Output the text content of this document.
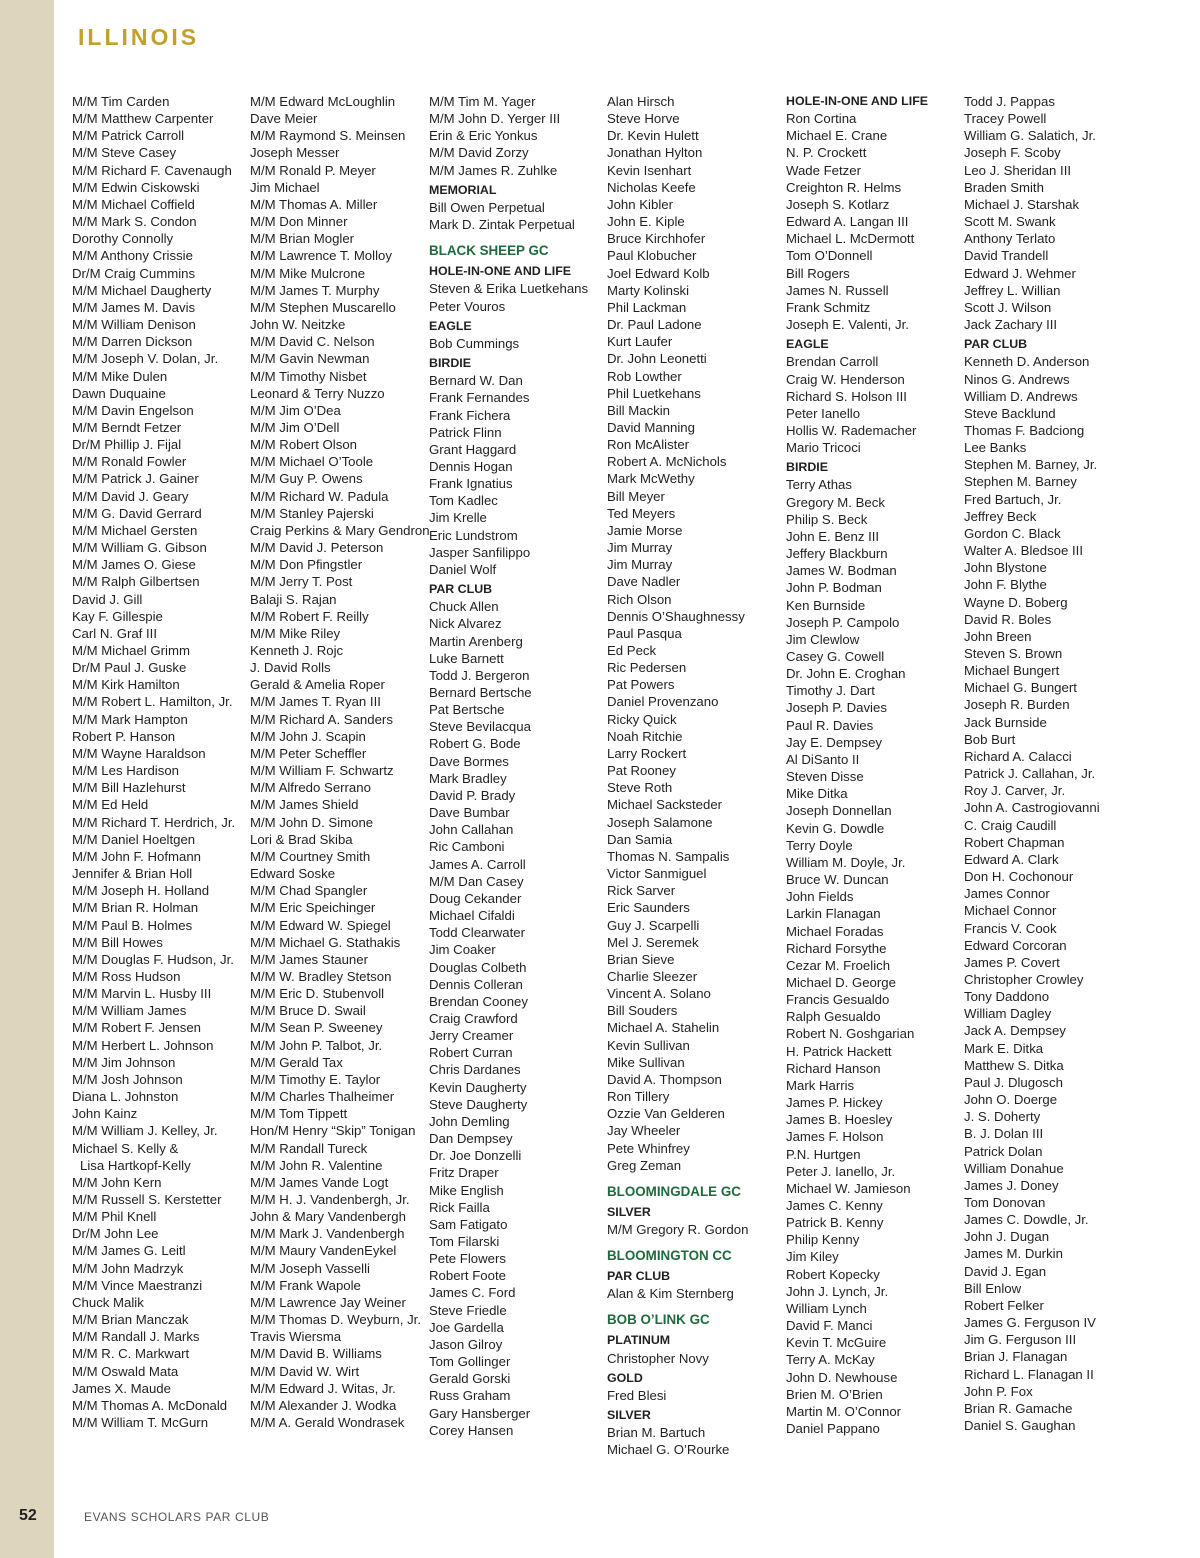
ILLINOIS
M/M Tim Carden
M/M Matthew Carpenter
M/M Patrick Carroll
M/M Steve Casey
M/M Richard F. Cavenaugh
M/M Edwin Ciskowski
M/M Michael Coffield
M/M Mark S. Condon
Dorothy Connolly
M/M Anthony Crissie
Dr/M Craig Cummins
M/M Michael Daugherty
M/M James M. Davis
M/M William Denison
M/M Darren Dickson
M/M Joseph V. Dolan, Jr.
M/M Mike Dulen
Dawn Duquaine
M/M Davin Engelson
M/M Berndt Fetzer
Dr/M Phillip J. Fijal
M/M Ronald Fowler
M/M Patrick J. Gainer
M/M David J. Geary
M/M G. David Gerrard
M/M Michael Gersten
M/M William G. Gibson
M/M James O. Giese
M/M Ralph Gilbertsen
David J. Gill
Kay F. Gillespie
Carl N. Graf III
M/M Michael Grimm
Dr/M Paul J. Guske
M/M Kirk Hamilton
M/M Robert L. Hamilton, Jr.
M/M Mark Hampton
Robert P. Hanson
M/M Wayne Haraldson
M/M Les Hardison
M/M Bill Hazlehurst
M/M Ed Held
M/M Richard T. Herdrich, Jr.
M/M Daniel Hoeltgen
M/M John F. Hofmann
Jennifer & Brian Holl
M/M Joseph H. Holland
M/M Brian R. Holman
M/M Paul B. Holmes
M/M Bill Howes
M/M Douglas F. Hudson, Jr.
M/M Ross Hudson
M/M Marvin L. Husby III
M/M William James
M/M Robert F. Jensen
M/M Herbert L. Johnson
M/M Jim Johnson
M/M Josh Johnson
Diana L. Johnston
John Kainz
M/M William J. Kelley, Jr.
Michael S. Kelly &
Lisa Hartkopf-Kelly
M/M John Kern
M/M Russell S. Kerstetter
M/M Phil Knell
Dr/M John Lee
M/M James G. Leitl
M/M John Madrzyk
M/M Vince Maestranzi
Chuck Malik
M/M Brian Manczak
M/M Randall J. Marks
M/M R. C. Markwart
M/M Oswald Mata
James X. Maude
M/M Thomas A. McDonald
M/M William T. McGurn
M/M Edward McLoughlin
Dave Meier
M/M Raymond S. Meinsen
Joseph Messer
M/M Ronald P. Meyer
Jim Michael
M/M Thomas A. Miller
M/M Don Minner
M/M Brian Mogler
M/M Lawrence T. Molloy
M/M Mike Mulcrone
M/M James T. Murphy
M/M Stephen Muscarello
John W. Neitzke
M/M David C. Nelson
M/M Gavin Newman
M/M Timothy Nisbet
Leonard & Terry Nuzzo
M/M Jim O’Dea
M/M Jim O’Dell
M/M Robert Olson
M/M Michael O’Toole
M/M Guy P. Owens
M/M Richard W. Padula
M/M Stanley Pajerski
Craig Perkins & Mary Gendron
M/M David J. Peterson
M/M Don Pfingstler
M/M Jerry T. Post
Balaji S. Rajan
M/M Robert F. Reilly
M/M Mike Riley
Kenneth J. Rojc
J. David Rolls
Gerald & Amelia Roper
M/M James T. Ryan III
M/M Richard A. Sanders
M/M John J. Scapin
M/M Peter Scheffler
M/M William F. Schwartz
M/M Alfredo Serrano
M/M James Shield
M/M John D. Simone
Lori & Brad Skiba
M/M Courtney Smith
Edward Soske
M/M Chad Spangler
M/M Eric Speichinger
M/M Edward W. Spiegel
M/M Michael G. Stathakis
M/M James Stauner
M/M W. Bradley Stetson
M/M Eric D. Stubenvoll
M/M Bruce D. Swail
M/M Sean P. Sweeney
M/M John P. Talbot, Jr.
M/M Gerald Tax
M/M Timothy E. Taylor
M/M Charles Thalheimer
M/M Tom Tippett
Hon/M Henry “Skip” Tonigan
M/M Randall Tureck
M/M John R. Valentine
M/M James Vande Logt
M/M H. J. Vandenbergh, Jr.
John & Mary Vandenbergh
M/M Mark J. Vandenbergh
M/M Maury VandenEykel
M/M Joseph Vasselli
M/M Frank Wapole
M/M Lawrence Jay Weiner
M/M Thomas D. Weyburn, Jr.
Travis Wiersma
M/M David B. Williams
M/M David W. Wirt
M/M Edward J. Witas, Jr.
M/M Alexander J. Wodka
M/M A. Gerald Wondrasek
M/M Tim M. Yager
M/M John D. Yerger III
Erin & Eric Yonkus
M/M David Zorzy
M/M James R. Zuhlke
MEMORIAL
Bill Owen Perpetual
Mark D. Zintak Perpetual
BLACK SHEEP GC
HOLE-IN-ONE AND LIFE
Steven & Erika Luetkehans
Peter Vouros
EAGLE
Bob Cummings
BIRDIE
Bernard W. Dan
Frank Fernandes
Frank Fichera
Patrick Flinn
Grant Haggard
Dennis Hogan
Frank Ignatius
Tom Kadlec
Jim Krelle
Eric Lundstrom
Jasper Sanfilippo
Daniel Wolf
PAR CLUB
Chuck Allen
Nick Alvarez
Martin Arenberg
Luke Barnett
Todd J. Bergeron
Bernard Bertsche
Pat Bertsche
Steve Bevilacqua
Robert G. Bode
Dave Bormes
Mark Bradley
David P. Brady
Dave Bumbar
John Callahan
Ric Camboni
James A. Carroll
M/M Dan Casey
Doug Cekander
Michael Cifaldi
Todd Clearwater
Jim Coaker
Douglas Colbeth
Dennis Colleran
Brendan Cooney
Craig Crawford
Jerry Creamer
Robert Curran
Chris Dardanes
Kevin Daugherty
Steve Daugherty
John Demling
Dan Dempsey
Dr. Joe Donzelli
Fritz Draper
Mike English
Rick Failla
Sam Fatigato
Tom Filarski
Pete Flowers
Robert Foote
James C. Ford
Steve Friedle
Joe Gardella
Jason Gilroy
Tom Gollinger
Gerald Gorski
Russ Graham
Gary Hansberger
Corey Hansen
Alan Hirsch
Steve Horve
Dr. Kevin Hulett
Jonathan Hylton
Kevin Isenhart
Nicholas Keefe
John Kibler
John E. Kiple
Bruce Kirchhofer
Paul Klobucher
Joel Edward Kolb
Marty Kolinski
Phil Lackman
Dr. Paul Ladone
Kurt Laufer
Dr. John Leonetti
Rob Lowther
Phil Luetkehans
Bill Mackin
David Manning
Ron McAlister
Robert A. McNichols
Mark McWethy
Bill Meyer
Ted Meyers
Jamie Morse
Jim Murray
Jim Murray
Dave Nadler
Rich Olson
Dennis O’Shaughnessy
Paul Pasqua
Ed Peck
Ric Pedersen
Pat Powers
Daniel Provenzano
Ricky Quick
Noah Ritchie
Larry Rockert
Pat Rooney
Steve Roth
Michael Sacksteder
Joseph Salamone
Dan Samia
Thomas N. Sampalis
Victor Sanmiguel
Rick Sarver
Eric Saunders
Guy J. Scarpelli
Mel J. Seremek
Brian Sieve
Charlie Sleezer
Vincent A. Solano
Bill Souders
Michael A. Stahelin
Kevin Sullivan
Mike Sullivan
David A. Thompson
Ron Tillery
Ozzie Van Gelderen
Jay Wheeler
Pete Whinfrey
Greg Zeman
BLOOMINGDALE GC
SILVER
M/M Gregory R. Gordon
BLOOMINGTON CC
PAR CLUB
Alan & Kim Sternberg
BOB O’LINK GC
PLATINUM
Christopher Novy
GOLD
Fred Blesi
SILVER
Brian M. Bartuch
Michael G. O’Rourke
HOLE-IN-ONE AND LIFE
Ron Cortina
Michael E. Crane
N. P. Crockett
Wade Fetzer
Creighton R. Helms
Joseph S. Kotlarz
Edward A. Langan III
Michael L. McDermott
Tom O’Donnell
Bill Rogers
James N. Russell
Frank Schmitz
Joseph E. Valenti, Jr.
EAGLE
Brendan Carroll
Craig W. Henderson
Richard S. Holson III
Peter Ianello
Hollis W. Rademacher
Mario Tricoci
BIRDIE
Terry Athas
Gregory M. Beck
Philip S. Beck
John E. Benz III
Jeffery Blackburn
James W. Bodman
John P. Bodman
Ken Burnside
Joseph P. Campolo
Jim Clewlow
Casey G. Cowell
Dr. John E. Croghan
Timothy J. Dart
Joseph P. Davies
Paul R. Davies
Jay E. Dempsey
Al DiSanto II
Steven Disse
Mike Ditka
Joseph Donnellan
Kevin G. Dowdle
Terry Doyle
William M. Doyle, Jr.
Bruce W. Duncan
John Fields
Larkin Flanagan
Michael Foradas
Richard Forsythe
Cezar M. Froelich
Michael D. George
Francis Gesualdo
Ralph Gesualdo
Robert N. Goshgarian
H. Patrick Hackett
Richard Hanson
Mark Harris
James P. Hickey
James B. Hoesley
James F. Holson
P.N. Hurtgen
Peter J. Ianello, Jr.
Michael W. Jamieson
James C. Kenny
Patrick B. Kenny
Philip Kenny
Jim Kiley
Robert Kopecky
John J. Lynch, Jr.
William Lynch
David F. Manci
Kevin T. McGuire
Terry A. McKay
John D. Newhouse
Brien M. O’Brien
Martin M. O’Connor
Daniel Pappano
Todd J. Pappas
Tracey Powell
William G. Salatich, Jr.
Joseph F. Scoby
Leo J. Sheridan III
Braden Smith
Michael J. Starshak
Scott M. Swank
Anthony Terlato
David Trandell
Edward J. Wehmer
Jeffrey L. Willian
Scott J. Wilson
Jack Zachary III
PAR CLUB
Kenneth D. Anderson
Ninos G. Andrews
William D. Andrews
Steve Backlund
Thomas F. Badciong
Lee Banks
Stephen M. Barney, Jr.
Stephen M. Barney
Fred Bartuch, Jr.
Jeffrey Beck
Gordon C. Black
Walter A. Bledsoe III
John Blystone
John F. Blythe
Wayne D. Boberg
David R. Boles
John Breen
Steven S. Brown
Michael Bungert
Michael G. Bungert
Joseph R. Burden
Jack Burnside
Bob Burt
Richard A. Calacci
Patrick J. Callahan, Jr.
Roy J. Carver, Jr.
John A. Castrogiovanni
C. Craig Caudill
Robert Chapman
Edward A. Clark
Don H. Cochonour
James Connor
Michael Connor
Francis V. Cook
Edward Corcoran
James P. Covert
Christopher Crowley
Tony Daddono
William Dagley
Jack A. Dempsey
Mark E. Ditka
Matthew S. Ditka
Paul J. Dlugosch
John O. Doerge
J. S. Doherty
B. J. Dolan III
Patrick Dolan
William Donahue
James J. Doney
Tom Donovan
James C. Dowdle, Jr.
John J. Dugan
James M. Durkin
David J. Egan
Bill Enlow
Robert Felker
James G. Ferguson IV
Jim G. Ferguson III
Brian J. Flanagan
Richard L. Flanagan II
John P. Fox
Brian R. Gamache
Daniel S. Gaughan
52	EVANS SCHOLARS PAR CLUB
